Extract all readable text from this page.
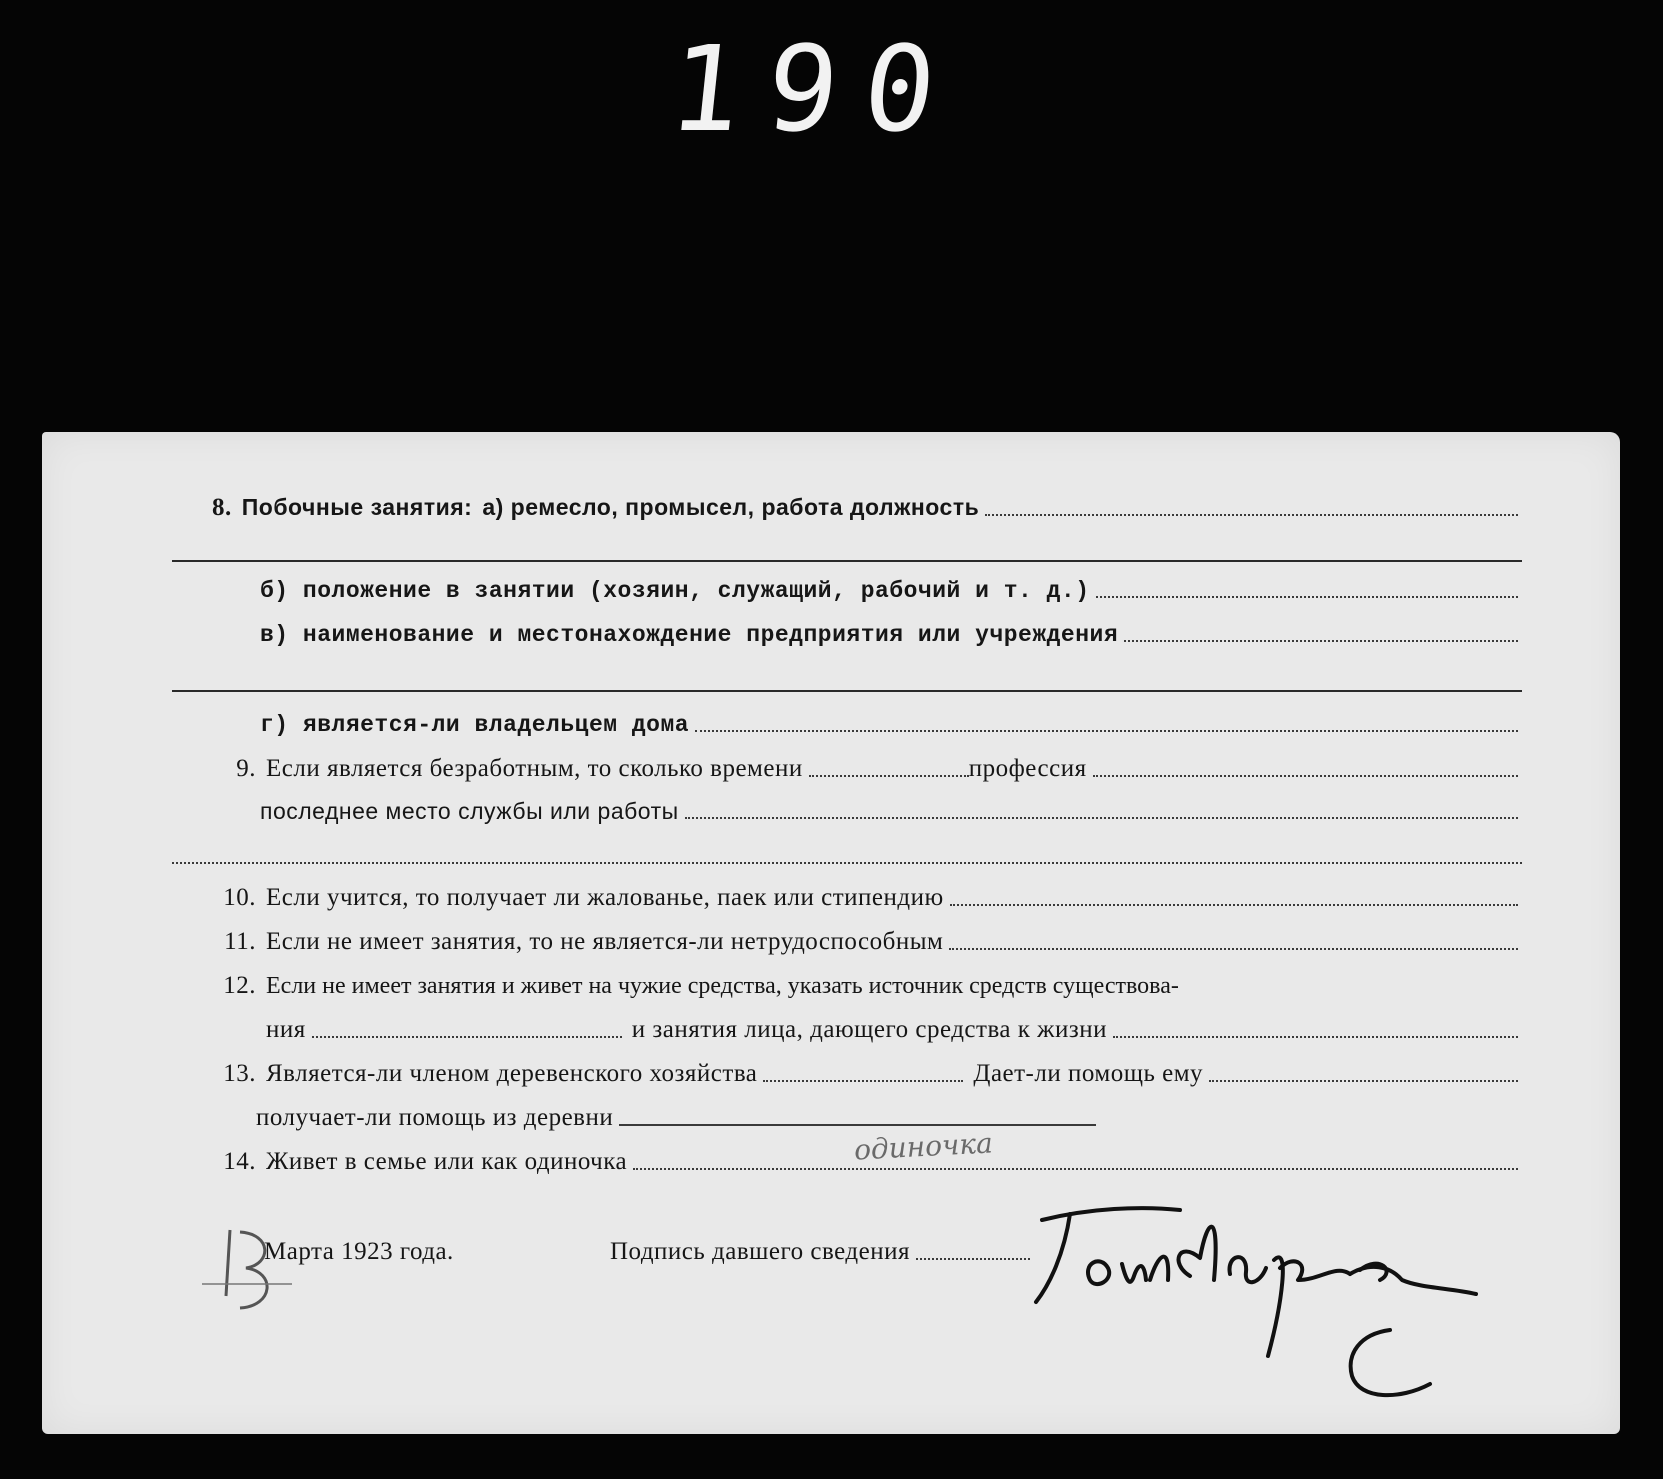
190
8. Побочные занятия: а) ремесло, промысел, работа должность
б) положение в занятии (хозяин, служащий, рабочий и т. д.)
в) наименование и местонахождение предприятия или учреждения
г) является-ли владельцем дома
9. Если является безработным, то сколько времени	профессия
последнее место службы или работы
10. Если учится, то получает ли жалованье, паек или стипендию
11. Если не имеет занятия, то не является-ли нетрудоспособным
12. Если не имеет занятия и живет на чужие средства, указать источник средств существова-
ния	и занятия лица, дающего средства к жизни
13. Является-ли членом деревенского хозяйства	Дает-ли помощь ему
получает-ли помощь из деревни
14. Живет в семье или как одиночка	одиночка
Марта 1923 года.	Подпись давшего сведения
